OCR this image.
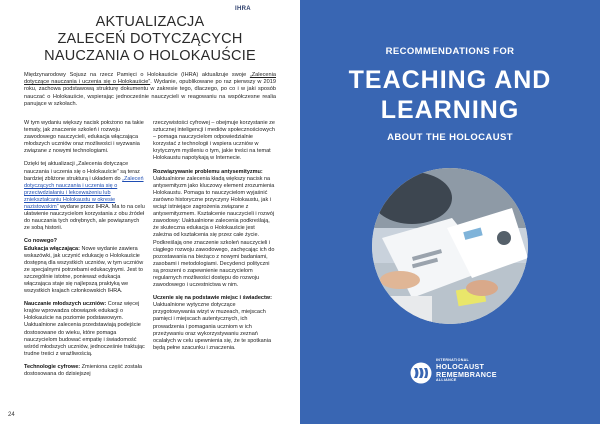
IHRA
AKTUALIZACJA
ZALECEŃ DOTYCZĄCYCH
NAUCZANIA O HOLOKAUŚCIE
Międzynarodowy Sojusz na rzecz Pamięci o Holokauście (IHRA) aktualizuje swoje „Zalecenia dotyczące nauczania i uczenia się o Holokauście”. Wydanie, opublikowane po raz pierwszy w 2019 roku, zachowa podstawową strukturę dokumentu w zakresie tego, dlaczego, po co i w jaki sposób nauczać o Holokauście, wspierając jednocześnie nauczycieli w reagowaniu na współczesne realia panujące w szkołach.

W tym wydaniu większy nacisk położono na takie tematy, jak znaczenie szkoleń i rozwoju zawodowego nauczycieli, edukacja włączająca młodszych uczniów oraz możliwości i wyzwania związane z nowymi technologiami.

Dzięki tej aktualizacji „Zalecenia dotyczące nauczania i uczenia się o Holokauście” są teraz bardziej zbliżone strukturą i układem do „Zaleceń dotyczących nauczania i uczenia się o przeciwdziałaniu i lekceważeniu lub zniekształcaniu Holokaustu w okresie nazistowskim” wydane przez IHRA. Ma to na celu ułatwienie nauczycielom korzystania z obu źródeł do nauczania tych odrębnych, ale powiązanych ze sobą historii.

Co nowego?
Edukacja włączająca: Nowe wydanie zawiera wskazówki, jak uczynić edukację o Holokauście dostępną dla wszystkich uczniów, w tym uczniów ze specjalnymi potrzebami edukacyjnymi. Jest to szczególnie istotne, ponieważ edukacja włączająca staje się najlepszą praktyką we wszystkich krajach członkowskich IHRA.

Nauczanie młodszych uczniów: Coraz więcej krajów wprowadza obowiązek edukacji o Holokauście na poziomie podstawowym. Uaktualnione zalecenia przedstawiają podejście dostosowane do wieku, które pomaga nauczycielom budować empatię i świadomość wśród młodszych uczniów, jednocześnie traktując trudne treści z wrażliwością.

Technologie cyfrowe: Zmieniona część została dostosowana do dzisiejszej

rzeczywistości cyfrowej – obejmuje korzystanie ze sztucznej inteligencji i mediów społecznościowych – pomaga nauczycielom odpowiedzialnie korzystać z technologii i wspiera uczniów w krytycznym myśleniu o tym, jakie treści na temat Holokaustu napotykają w Internecie.

Rozwiązywanie problemu antysemityzmu: Uaktualnione zalecenia kładą większy nacisk na antysemityzm jako kluczowy element zrozumienia Holokaustu. Pomaga to nauczycielom wyjaśnić zarówno historyczne przyczyny Holokaustu, jak i wciąż istniejące zagrożenia związane z antysemityzmem. Kształcenie nauczycieli i rozwój zawodowy: Uaktualnione zalecenia podkreślają, że skuteczna edukacja o Holokauście jest zależna od kształcenia się przez całe życie. Podkreślają one znaczenie szkoleń nauczycieli i ciągłego rozwoju zawodowego, zachęcając ich do pozostawania na bieżąco z nowymi badaniami, zasobami i metodologiami. Decydenci polityczni są proszeni o zapewnienie nauczycielom regularnych możliwości dostępu do rozwoju zawodowego i uczestnictwa w nim.

Uczenie się na podstawie miejsc i świadectw: Uaktualnione wytyczne dotyczące przygotowywania wizyt w muzeach, miejscach pamięci i miejscach autentycznych, ich prowadzenia i pomagania uczniom w ich przeżywaniu oraz wykorzystywaniu zeznań ocalałych w celu upewnienia się, że te spotkania będą pełne szacunku i znaczenia.

24
RECOMMENDATIONS FOR
TEACHING AND
LEARNING
ABOUT THE HOLOCAUST
INTERNATIONAL
HOLOCAUST
REMEMBRANCE
ALLIANCE
